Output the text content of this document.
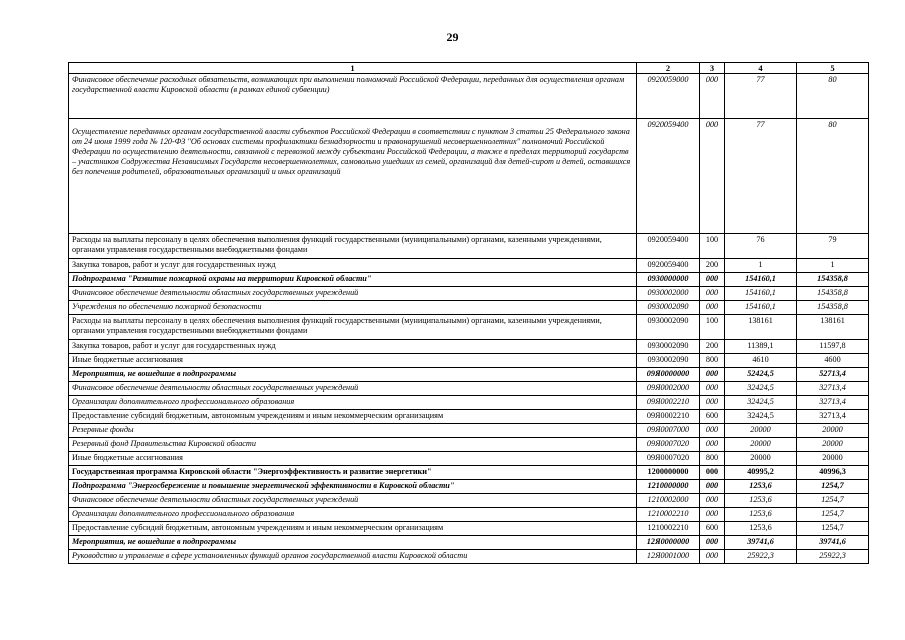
29
1	2	3	4	5
Финансовое обеспечение расходных обязательств, возникающих при выполнении полномочий Российской Федерации, переданных для осуществления органам государственной власти Кировской области (в рамках единой субвенции)	0920059000	000	77	80
Осуществление переданных органам государственной власти субъектов Российской Федерации в соответствии с пунктом 3 статьи 25 Федерального закона от 24 июня 1999 года № 120-ФЗ "Об основах системы профилактики безнадзорности и правонарушений несовершеннолетних" полномочий Российской Федерации по осуществлению деятельности, связанной с перевозкой между субъектами Российской Федерации, а также в пределах территорий государств – участников Содружества Независимых Государств несовершеннолетних, самовольно ушедших из семей, организаций для детей-сирот и детей, оставшихся без попечения родителей, образовательных организаций и иных организаций	0920059400	000	77	80
Расходы на выплаты персоналу в целях обеспечения выполнения функций государственными (муниципальными) органами, казенными учреждениями, органами управления государственными внебюджетными фондами	0920059400	100	76	79
Закупка товаров, работ и услуг для государственных нужд	0920059400	200	1	1
Подпрограмма "Развитие пожарной охраны на территории Кировской области"	0930000000	000	154160,1	154358,8
Финансовое обеспечение деятельности областных государственных учреждений	0930002000	000	154160,1	154358,8
Учреждения по обеспечению пожарной безопасности	0930002090	000	154160,1	154358,8
Расходы на выплаты персоналу в целях обеспечения выполнения функций государственными (муниципальными) органами, казенными учреждениями, органами управления государственными внебюджетными фондами	0930002090	100	138161	138161
Закупка товаров, работ и услуг для государственных нужд	0930002090	200	11389,1	11597,8
Иные бюджетные ассигнования	0930002090	800	4610	4600
Мероприятия, не вошедшие в подпрограммы	09Я0000000	000	52424,5	52713,4
Финансовое обеспечение деятельности областных государственных учреждений	09Я0002000	000	32424,5	32713,4
Организации дополнительного профессионального образования	09Я0002210	000	32424,5	32713,4
Предоставление субсидий бюджетным, автономным учреждениям и иным некоммерческим организациям	09Я0002210	600	32424,5	32713,4
Резервные фонды	09Я0007000	000	20000	20000
Резервный фонд Правительства Кировской области	09Я0007020	000	20000	20000
Иные бюджетные ассигнования	09Я0007020	800	20000	20000
Государственная программа Кировской области "Энергоэффективность и развитие энергетики"	1200000000	000	40995,2	40996,3
Подпрограмма "Энергосбережение и повышение энергетической эффективности в Кировской области"	1210000000	000	1253,6	1254,7
Финансовое обеспечение деятельности областных государственных учреждений	1210002000	000	1253,6	1254,7
Организации дополнительного профессионального образования	1210002210	000	1253,6	1254,7
Предоставление субсидий бюджетным, автономным учреждениям и иным некоммерческим организациям	1210002210	600	1253,6	1254,7
Мероприятия, не вошедшие в подпрограммы	12Я0000000	000	39741,6	39741,6
Руководство и управление в сфере установленных функций органов государственной власти Кировской области	12Я0001000	000	25922,3	25922,3
